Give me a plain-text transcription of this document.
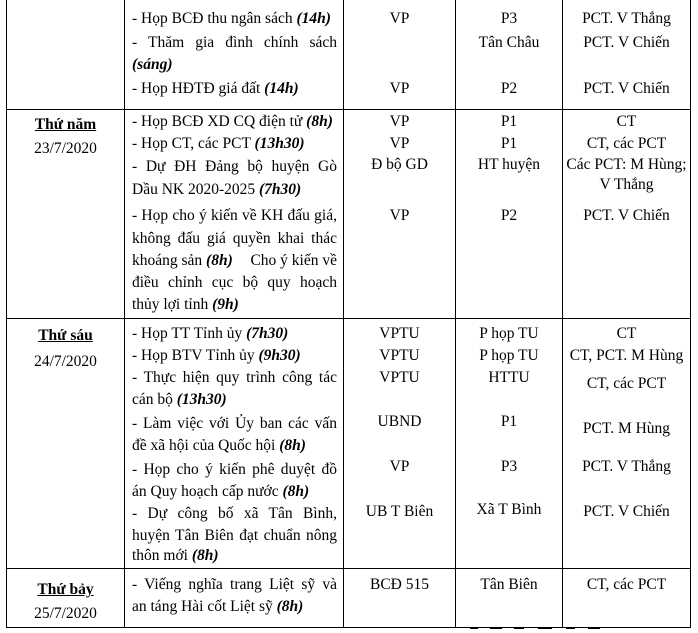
- Họp BCĐ thu ngân sách (14h)
- Thăm gia đình chính sách
(sáng)
- Họp HĐTĐ giá đất (14h)
VP
VP
P3
Tân Châu
P2
PCT. V Thắng
PCT. V Chiến
PCT. V Chiến
Thứ năm
23/7/2020
- Họp BCĐ XD CQ điện tử (8h)
- Họp CT, các PCT (13h30)
- Dự ĐH Đảng bộ huyện Gò
Dầu NK 2020-2025 (7h30)
- Họp cho ý kiến về KH đấu giá,
không đấu giá quyền khai thác
khoáng sản (8h) Cho ý kiến về
điều chỉnh cục bộ quy hoạch
thủy lợi tỉnh (9h)
VP
VP
Đ bộ GD
VP
P1
P1
HT huyện
P2
CT
CT, các PCT
Các PCT: M Hùng;
V Thắng
PCT. V Chiến
Thứ sáu
24/7/2020
- Họp TT Tỉnh ủy (7h30)
- Họp BTV Tỉnh ủy (9h30)
- Thực hiện quy trình công tác
cán bộ (13h30)
- Làm việc với Ủy ban các vấn
đề xã hội của Quốc hội (8h)
- Họp cho ý kiến phê duyệt đồ
án Quy hoạch cấp nước (8h)
- Dự công bố xã Tân Bình,
huyện Tân Biên đạt chuẩn nông
thôn mới (8h)
VPTU
VPTU
VPTU
UBND
VP
UB T Biên
P họp TU
P họp TU
HTTU
P1
P3
Xã T Bình
CT
CT, PCT. M Hùng
CT, các PCT
PCT. M Hùng
PCT. V Thắng
PCT. V Chiến
Thứ bảy
25/7/2020
- Viếng nghĩa trang Liệt sỹ và
an táng Hài cốt Liệt sỹ (8h)
BCĐ 515	Tân Biên	CT, các PCT
